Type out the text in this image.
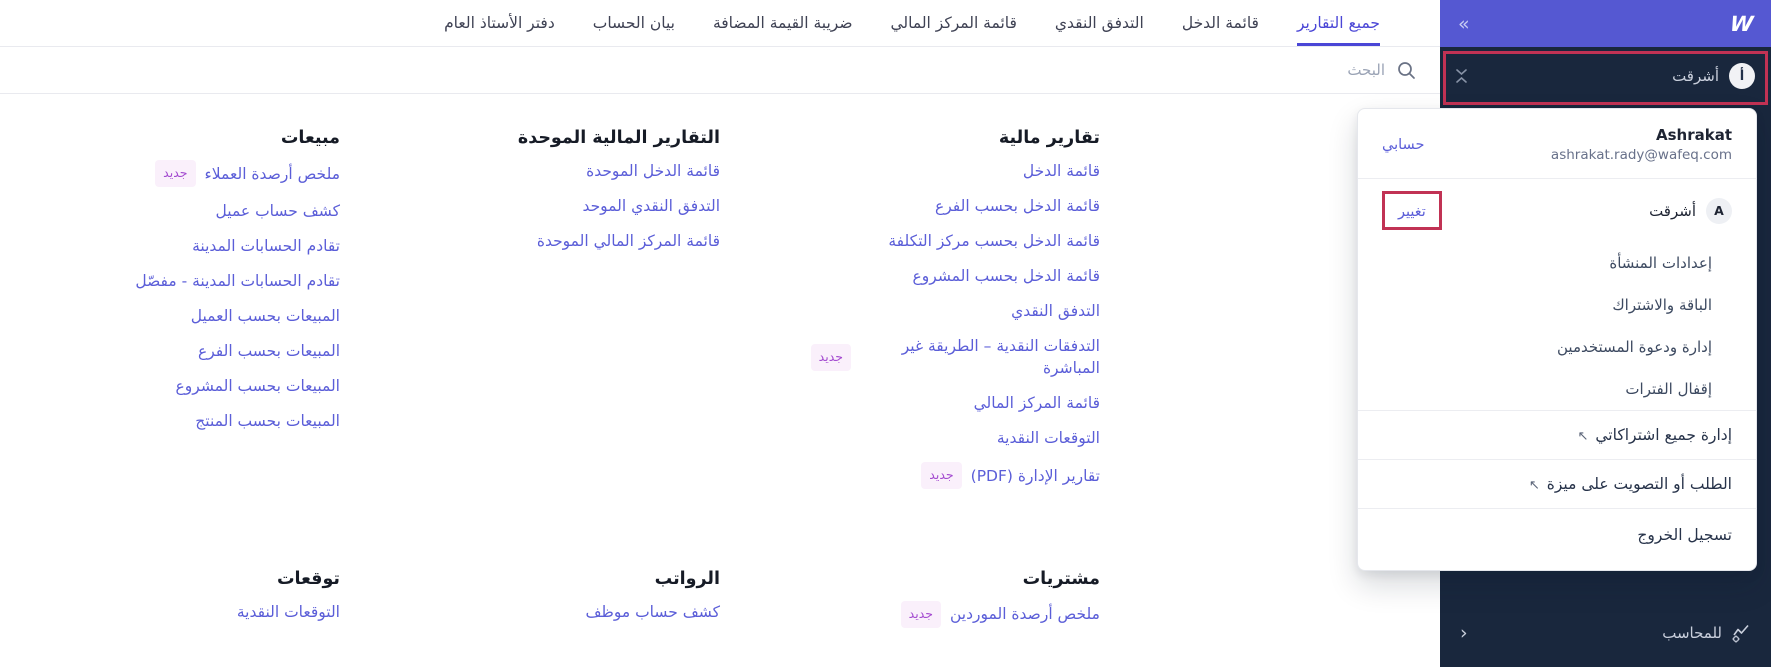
جميع التقارير
قائمة الدخل
التدفق النقدي
قائمة المركز المالي
ضريبة القيمة المضافة
بيان الحساب
دفتر الأستاذ العام
البحث
تقارير مالية
قائمة الدخل
قائمة الدخل بحسب الفرع
قائمة الدخل بحسب مركز التكلفة
قائمة الدخل بحسب المشروع
التدفق النقدي
التدفقات النقدية – الطريقة غير المباشرة
جديد
قائمة المركز المالي
التوقعات النقدية
تقارير الإدارة (PDF)
جديد
التقارير المالية الموحدة
قائمة الدخل الموحدة
التدفق النقدي الموحد
قائمة المركز المالي الموحدة
مبيعات
ملخص أرصدة العملاء
جديد
كشف حساب عميل
تقادم الحسابات المدينة
تقادم الحسابات المدينة - مفصّل
المبيعات بحسب العميل
المبيعات بحسب الفرع
المبيعات بحسب المشروع
المبيعات بحسب المنتج
مشتريات
ملخص أرصدة الموردين
جديد
الرواتب
كشف حساب موظف
توقعات
التوقعات النقدية
W
»
أ
أشرقت
للمحاسب
‹
Ashrakat
ashrakat.rady@wafeq.com
حسابي
A
أشرقت
تغيير
إعدادات المنشأة
الباقة والاشتراك
إدارة ودعوة المستخدمين
إقفال الفترات
إدارة جميع اشتراكاتي↖
الطلب أو التصويت على ميزة↖
تسجيل الخروج
